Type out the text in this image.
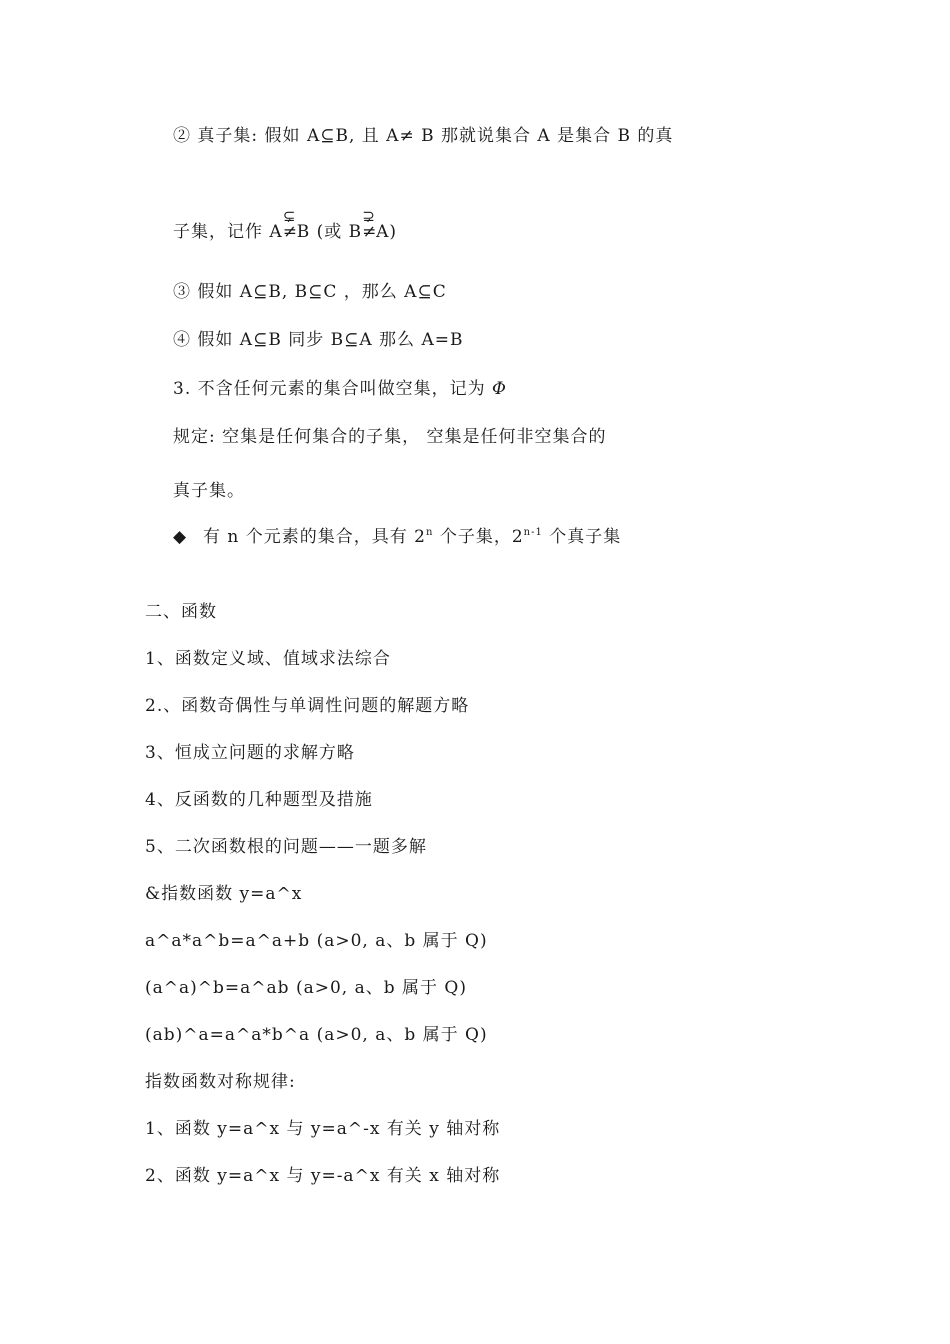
② 真子集: 假如 A⊆B, 且 A≠ B 那就说集合 A 是集合 B 的真
子集，记作 A
⊊
≠B (或 B
⊋
≠A)
③ 假如 A⊆B, B⊆C ，那么 A⊆C
④ 假如 A⊆B 同步 B⊆A 那么 A=B
3. 不含任何元素的集合叫做空集，记为 Φ
规定: 空集是任何集合的子集， 空集是任何非空集合的
真子集。
◆ 有 n 个元素的集合，具有 2$^n$ 个子集，2$^{n-1}$ 个真子集
二、函数
1、函数定义域、值域求法综合
2.、函数奇偶性与单调性问题的解题方略
3、恒成立问题的求解方略
4、反函数的几种题型及措施
5、二次函数根的问题——一题多解
&指数函数 y=a^x
a^a*a^b=a^a+b (a>0, a、b 属于 Q)
(a^a)^b=a^ab (a>0, a、b 属于 Q)
(ab)^a=a^a*b^a (a>0, a、b 属于 Q)
指数函数对称规律:
1、函数 y=a^x 与 y=a^-x 有关 y 轴对称
2、函数 y=a^x 与 y=-a^x 有关 x 轴对称
